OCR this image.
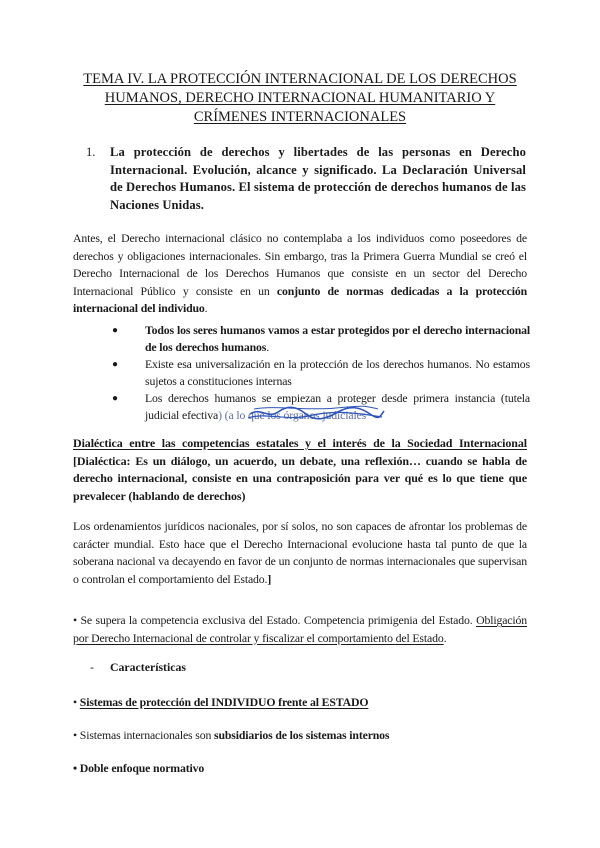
TEMA IV. LA PROTECCIÓN INTERNACIONAL DE LOS DERECHOS
HUMANOS, DERECHO INTERNACIONAL HUMANITARIO Y
CRÍMENES INTERNACIONALES
1. La protección de derechos y libertades de las personas en Derecho Internacional. Evolución, alcance y significado. La Declaración Universal de Derechos Humanos. El sistema de protección de derechos humanos de las Naciones Unidas.
Antes, el Derecho internacional clásico no contemplaba a los individuos como poseedores de derechos y obligaciones internacionales. Sin embargo, tras la Primera Guerra Mundial se creó el Derecho Internacional de los Derechos Humanos que consiste en un sector del Derecho Internacional Público y consiste en un conjunto de normas dedicadas a la protección internacional del individuo.
● Todos los seres humanos vamos a estar protegidos por el derecho internacional de los derechos humanos.
● Existe esa universalización en la protección de los derechos humanos. No estamos sujetos a constituciones internas
● Los derechos humanos se empiezan a proteger desde primera instancia (tutela judicial efectiva) (a lo que los órganos judiciales
Dialéctica entre las competencias estatales y el interés de la Sociedad Internacional [Dialéctica: Es un diálogo, un acuerdo, un debate, una reflexión… cuando se habla de derecho internacional, consiste en una contraposición para ver qué es lo que tiene que prevalecer (hablando de derechos)
Los ordenamientos jurídicos nacionales, por sí solos, no son capaces de afrontar los problemas de carácter mundial. Esto hace que el Derecho Internacional evolucione hasta tal punto de que la soberana nacional va decayendo en favor de un conjunto de normas internacionales que supervisan o controlan el comportamiento del Estado.]
• Se supera la competencia exclusiva del Estado. Competencia primigenia del Estado. Obligación por Derecho Internacional de controlar y fiscalizar el comportamiento del Estado.
- Características
• Sistemas de protección del INDIVIDUO frente al ESTADO
• Sistemas internacionales son subsidiarios de los sistemas internos
• Doble enfoque normativo
